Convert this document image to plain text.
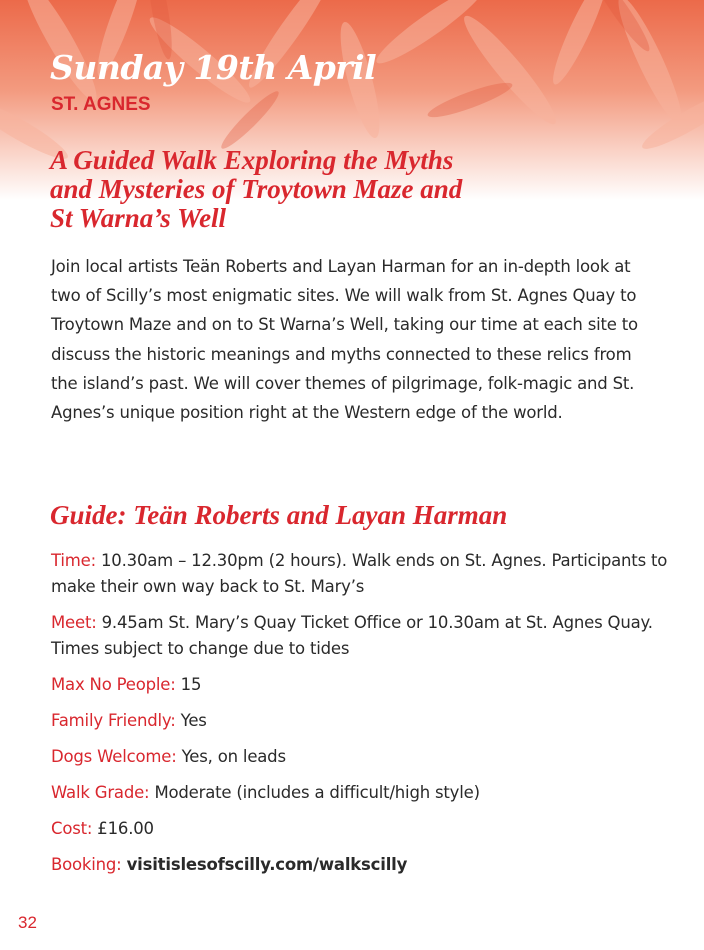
Sunday 19th April
ST. AGNES
A Guided Walk Exploring the Myths
and Mysteries of Troytown Maze and
St Warna’s Well

Join local artists Teän Roberts and Layan Harman for an in-depth look at two of Scilly’s most enigmatic sites. We will walk from St. Agnes Quay to Troytown Maze and on to St Warna’s Well, taking our time at each site to discuss the historic meanings and myths connected to these relics from the island’s past. We will cover themes of pilgrimage, folk-magic and St. Agnes’s unique position right at the Western edge of the world.

Guide: Teän Roberts and Layan Harman
Time: 10.30am – 12.30pm (2 hours). Walk ends on St. Agnes. Participants to make their own way back to St. Mary’s
Meet: 9.45am St. Mary’s Quay Ticket Office or 10.30am at St. Agnes Quay. Times subject to change due to tides
Max No People: 15
Family Friendly: Yes
Dogs Welcome: Yes, on leads
Walk Grade: Moderate (includes a difficult/high style)
Cost: £16.00
Booking: visitislesofscilly.com/walkscilly
32
